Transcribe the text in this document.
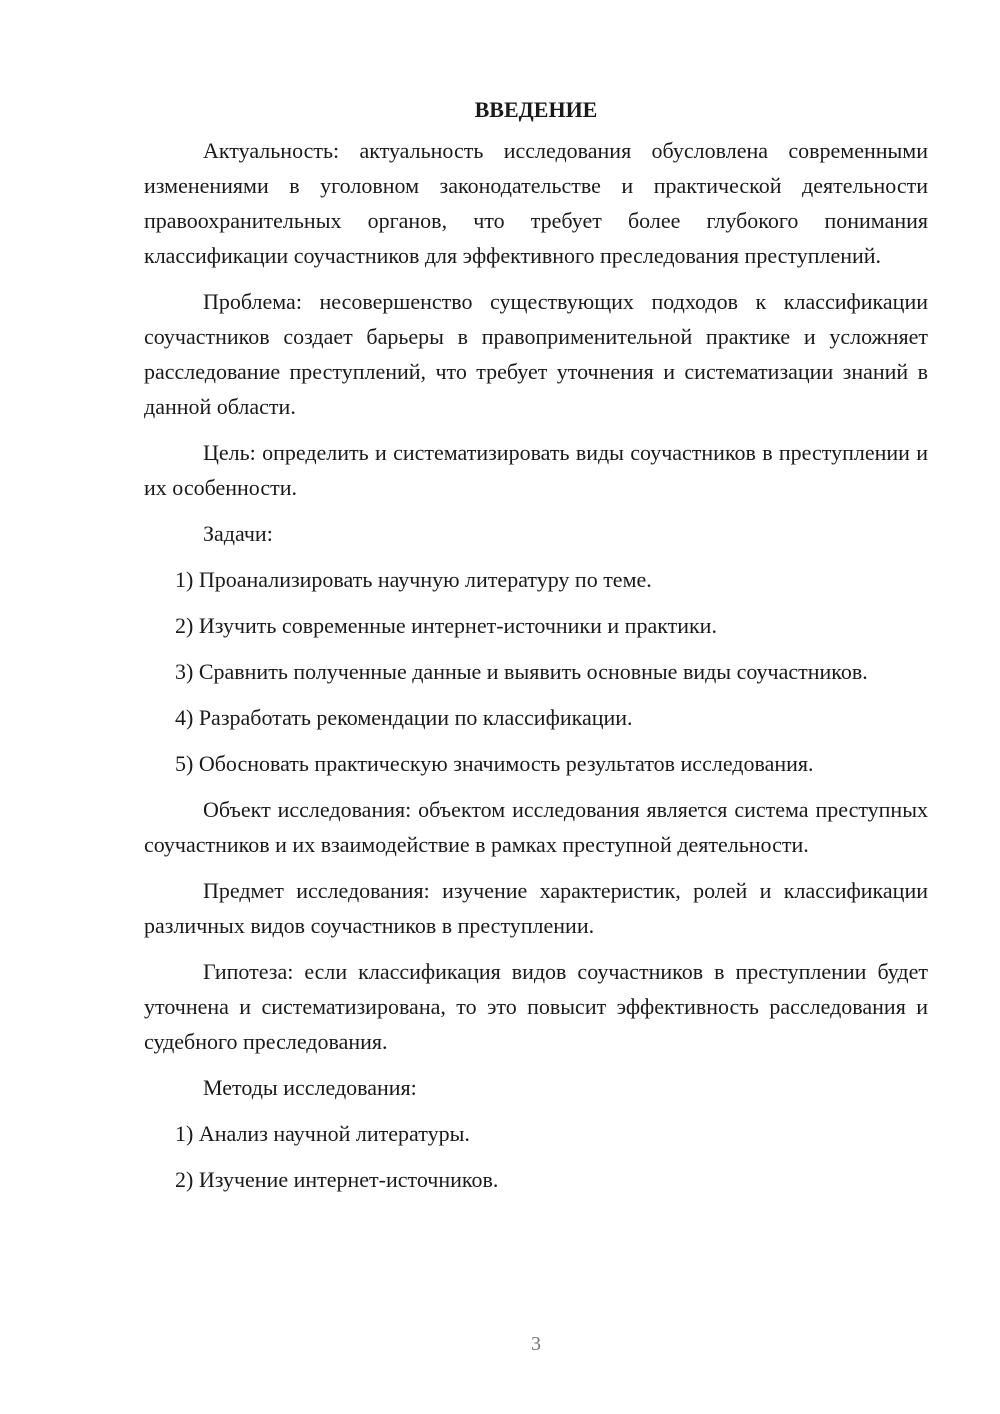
ВВЕДЕНИЕ

Актуальность: актуальность исследования обусловлена современными изменениями в уголовном законодательстве и практической деятельности правоохранительных органов, что требует более глубокого понимания классификации соучастников для эффективного преследования преступлений.

Проблема: несовершенство существующих подходов к классификации соучастников создает барьеры в правоприменительной практике и усложняет расследование преступлений, что требует уточнения и систематизации знаний в данной области.

Цель: определить и систематизировать виды соучастников в преступлении и их особенности.

Задачи:

1) Проанализировать научную литературу по теме.

2) Изучить современные интернет-источники и практики.

3) Сравнить полученные данные и выявить основные виды соучастников.

4) Разработать рекомендации по классификации.

5) Обосновать практическую значимость результатов исследования.

Объект исследования: объектом исследования является система преступных соучастников и их взаимодействие в рамках преступной деятельности.

Предмет исследования: изучение характеристик, ролей и классификации различных видов соучастников в преступлении.

Гипотеза: если классификация видов соучастников в преступлении будет уточнена и систематизирована, то это повысит эффективность расследования и судебного преследования.

Методы исследования:

1) Анализ научной литературы.

2) Изучение интернет-источников.

3
